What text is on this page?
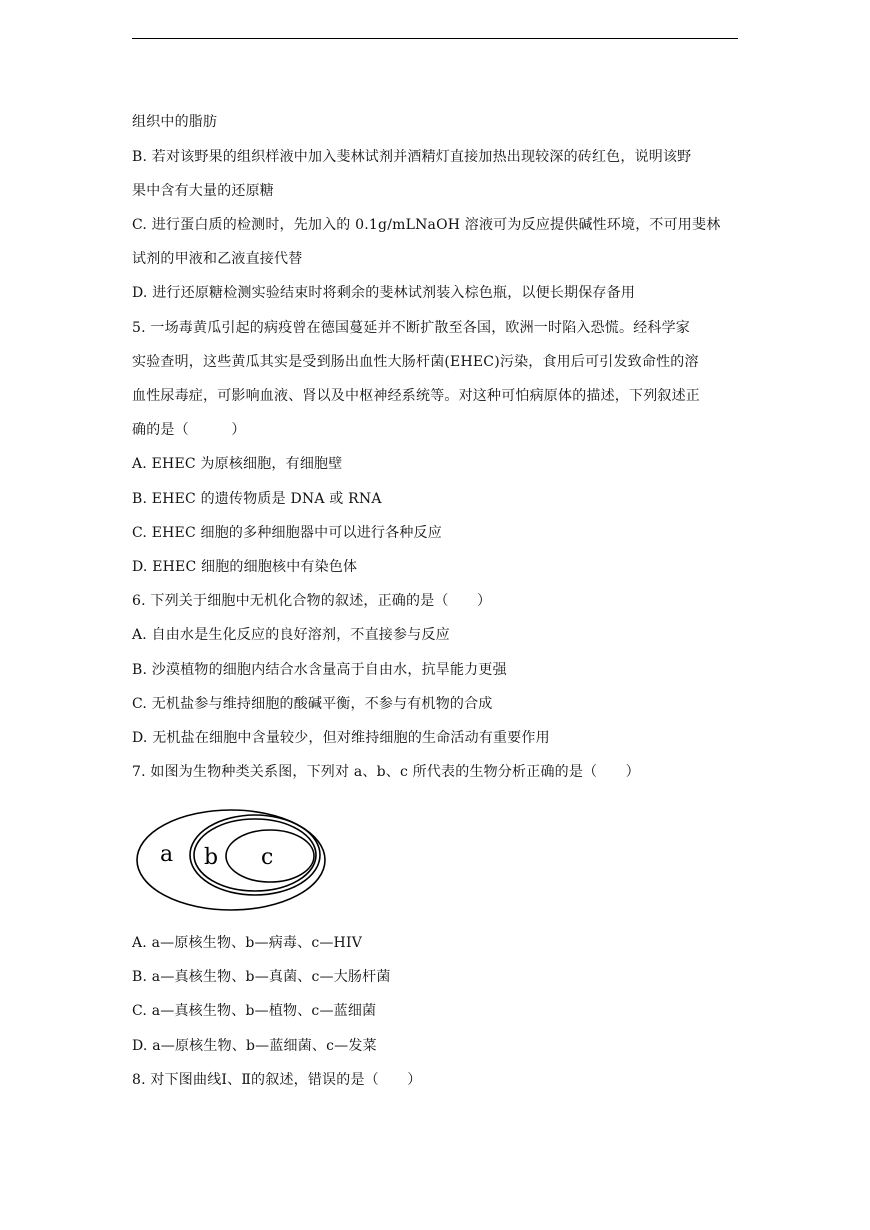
组织中的脂肪
B. 若对该野果的组织样液中加入斐林试剂并酒精灯直接加热出现较深的砖红色，说明该野
果中含有大量的还原糖
C. 进行蛋白质的检测时，先加入的 0.1g/mLNaOH 溶液可为反应提供碱性环境，不可用斐林
试剂的甲液和乙液直接代替
D. 进行还原糖检测实验结束时将剩余的斐林试剂装入棕色瓶，以便长期保存备用
5. 一场毒黄瓜引起的病疫曾在德国蔓延并不断扩散至各国，欧洲一时陷入恐慌。经科学家
实验查明，这些黄瓜其实是受到肠出血性大肠杆菌(EHEC)污染，食用后可引发致命性的溶
血性尿毒症，可影响血液、肾以及中枢神经系统等。对这种可怕病原体的描述，下列叙述正
确的是（　　　）
A. EHEC 为原核细胞，有细胞壁
B. EHEC 的遗传物质是 DNA 或 RNA
C. EHEC 细胞的多种细胞器中可以进行各种反应
D. EHEC 细胞的细胞核中有染色体
6. 下列关于细胞中无机化合物的叙述，正确的是（　　）
A. 自由水是生化反应的良好溶剂，不直接参与反应
B. 沙漠植物的细胞内结合水含量高于自由水，抗旱能力更强
C. 无机盐参与维持细胞的酸碱平衡，不参与有机物的合成
D. 无机盐在细胞中含量较少，但对维持细胞的生命活动有重要作用
7. 如图为生物种类关系图，下列对 a、b、c 所代表的生物分析正确的是（　　）
a b c
A. a—原核生物、b—病毒、c—HIV
B. a—真核生物、b—真菌、c—大肠杆菌
C. a—真核生物、b—植物、c—蓝细菌
D. a—原核生物、b—蓝细菌、c—发菜
8. 对下图曲线Ⅰ、Ⅱ的叙述，错误的是（　　）
